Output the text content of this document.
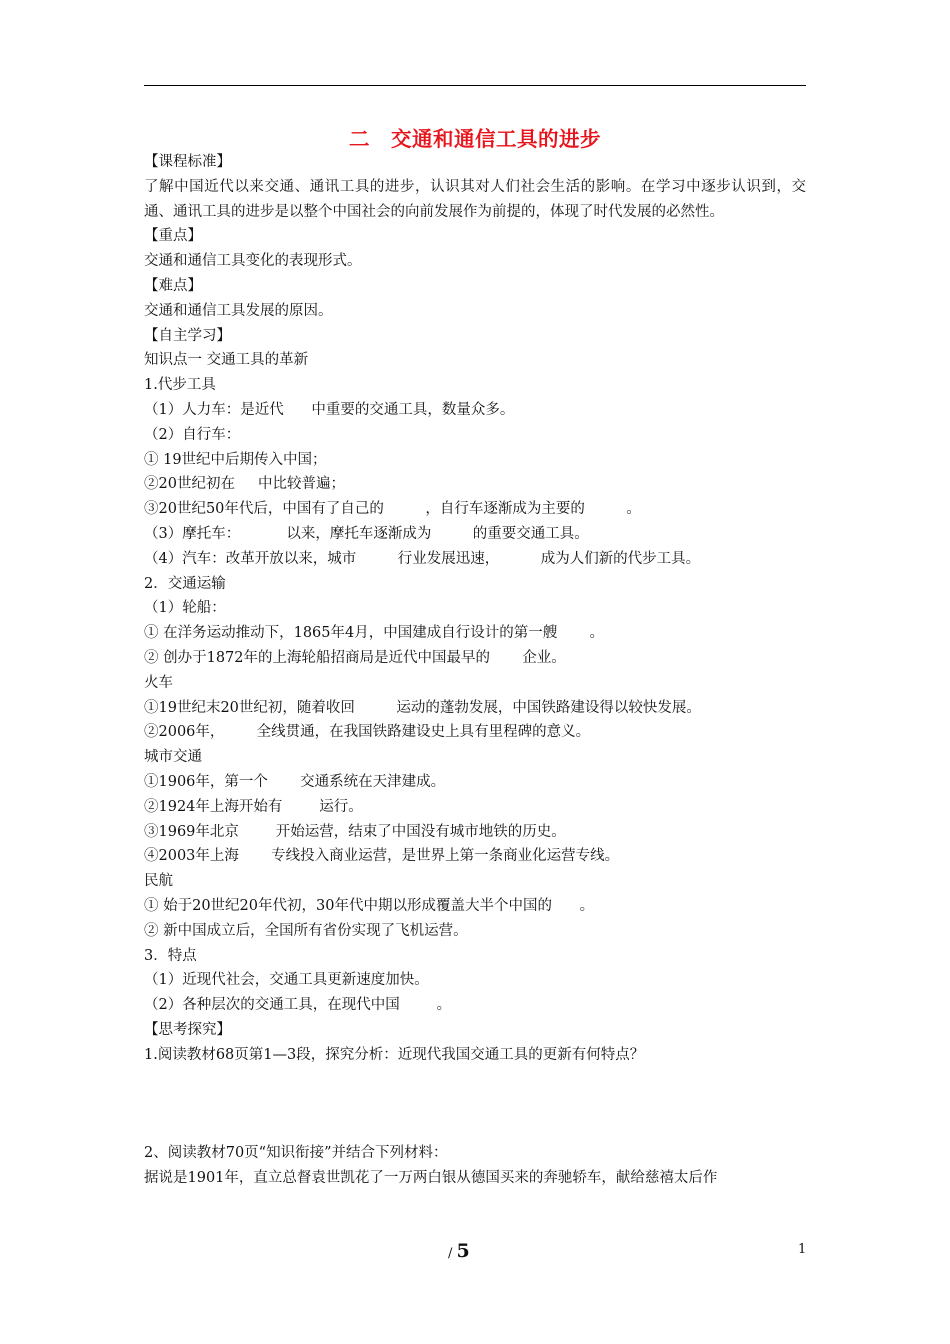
二　交通和通信工具的进步
【课程标准】
了解中国近代以来交通、通讯工具的进步，认识其对人们社会生活的影响。在学习中逐步认识到，交通、通讯工具的进步是以整个中国社会的向前发展作为前提的，体现了时代发展的必然性。
【重点】
交通和通信工具变化的表现形式。
【难点】
交通和通信工具发展的原因。
【自主学习】
知识点一 交通工具的革新
1.代步工具
（1）人力车：是近代      中重要的交通工具，数量众多。
（2）自行车：
① 19世纪中后期传入中国；
②20世纪初在     中比较普遍；
③20世纪50年代后，中国有了自己的         ，自行车逐渐成为主要的         。
（3）摩托车：          以来，摩托车逐渐成为         的重要交通工具。
（4）汽车：改革开放以来，城市         行业发展迅速，         成为人们新的代步工具。
2．交通运输
（1）轮船：
① 在洋务运动推动下，1865年4月，中国建成自行设计的第一艘       。
② 创办于1872年的上海轮船招商局是近代中国最早的       企业。
火车
①19世纪末20世纪初，随着收回         运动的蓬勃发展，中国铁路建设得以较快发展。
②2006年，       全线贯通，在我国铁路建设史上具有里程碑的意义。
城市交通
①1906年，第一个       交通系统在天津建成。
②1924年上海开始有        运行。
③1969年北京        开始运营，结束了中国没有城市地铁的历史。
④2003年上海       专线投入商业运营，是世界上第一条商业化运营专线。
民航
① 始于20世纪20年代初，30年代中期以形成覆盖大半个中国的      。
② 新中国成立后，全国所有省份实现了飞机运营。
3．特点
（1）近现代社会，交通工具更新速度加快。
（2）各种层次的交通工具，在现代中国        。
【思考探究】
1.阅读教材68页第1—3段，探究分析：近现代我国交通工具的更新有何特点？
2、阅读教材70页“知识衔接”并结合下列材料：
据说是1901年，直立总督袁世凯花了一万两白银从德国买来的奔驰轿车，献给慈禧太后作
/ 5	1
